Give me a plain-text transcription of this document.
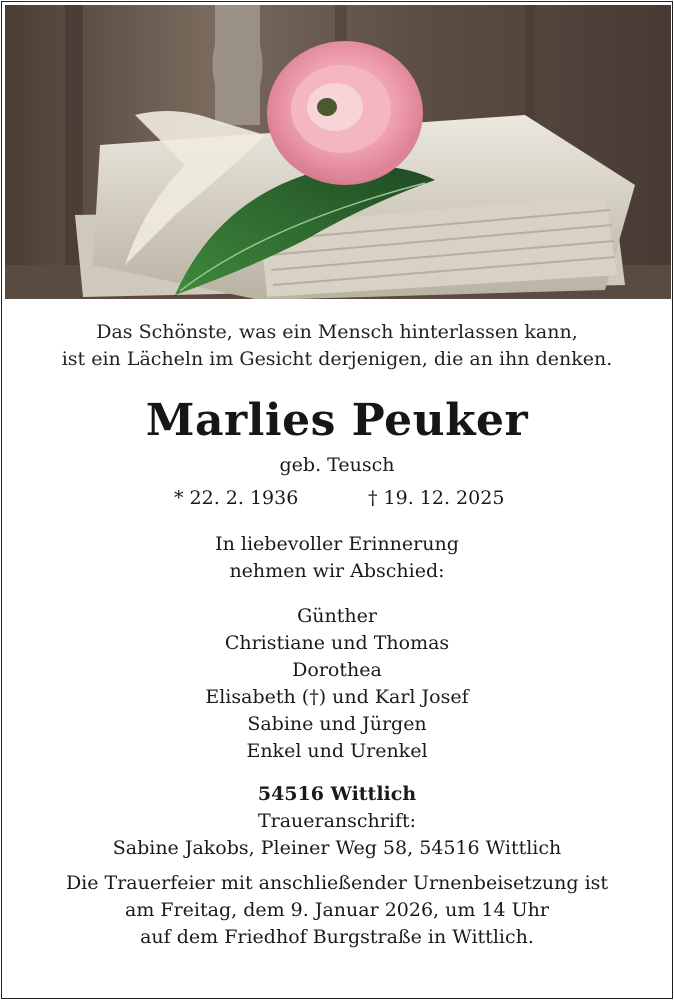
Das Schönste, was ein Mensch hinterlassen kann,
ist ein Lächeln im Gesicht derjenigen, die an ihn denken.
Marlies Peuker
geb. Teusch
* 22. 2. 1936	† 19. 12. 2025
In liebevoller Erinnerung
nehmen wir Abschied:
Günther
Christiane und Thomas
Dorothea
Elisabeth (†) und Karl Josef
Sabine und Jürgen
Enkel und Urenkel
54516 Wittlich
Traueranschrift:
Sabine Jakobs, Pleiner Weg 58, 54516 Wittlich
Die Trauerfeier mit anschließender Urnenbeisetzung ist
am Freitag, dem 9. Januar 2026, um 14 Uhr
auf dem Friedhof Burgstraße in Wittlich.
